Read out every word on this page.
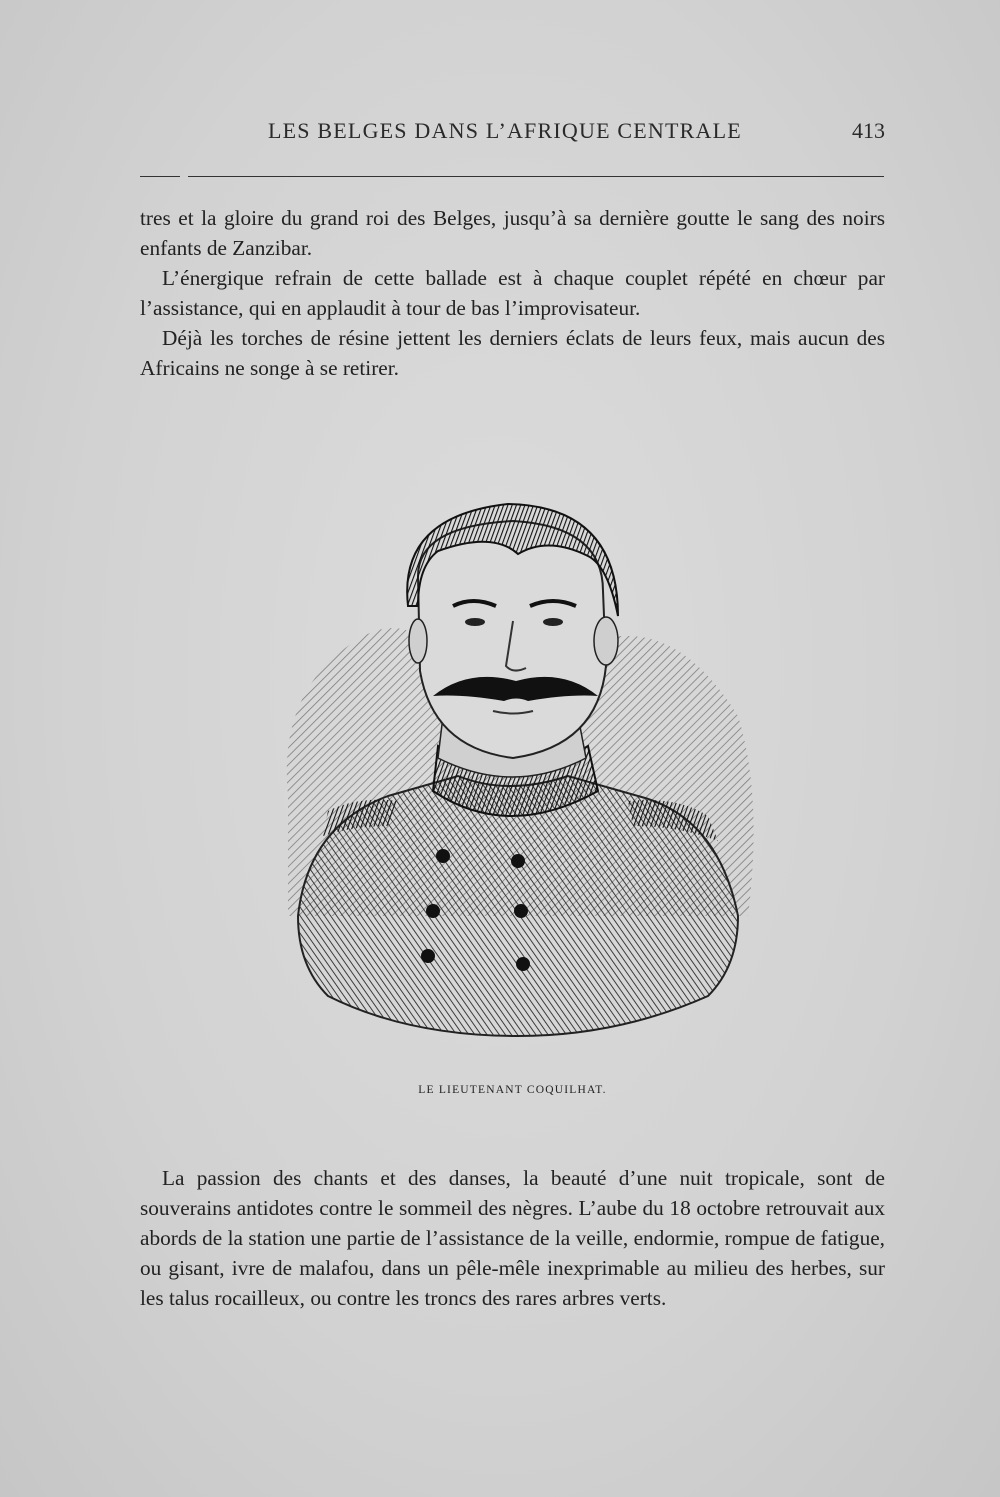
LES BELGES DANS L’AFRIQUE CENTRALE	413

tres et la gloire du grand roi des Belges, jusqu’à sa dernière goutte le sang des noirs enfants de Zanzibar.

L’énergique refrain de cette ballade est à chaque couplet répété en chœur par l’assistance, qui en applaudit à tour de bas l’improvisateur.

Déjà les torches de résine jettent les derniers éclats de leurs feux, mais aucun des Africains ne songe à se retirer.

LE LIEUTENANT COQUILHAT.

La passion des chants et des danses, la beauté d’une nuit tropicale, sont de souverains antidotes contre le sommeil des nègres. L’aube du 18 octobre retrouvait aux abords de la station une partie de l’assistance de la veille, endormie, rompue de fatigue, ou gisant, ivre de malafou, dans un pêle-mêle inexprimable au milieu des herbes, sur les talus rocailleux, ou contre les troncs des rares arbres verts.
